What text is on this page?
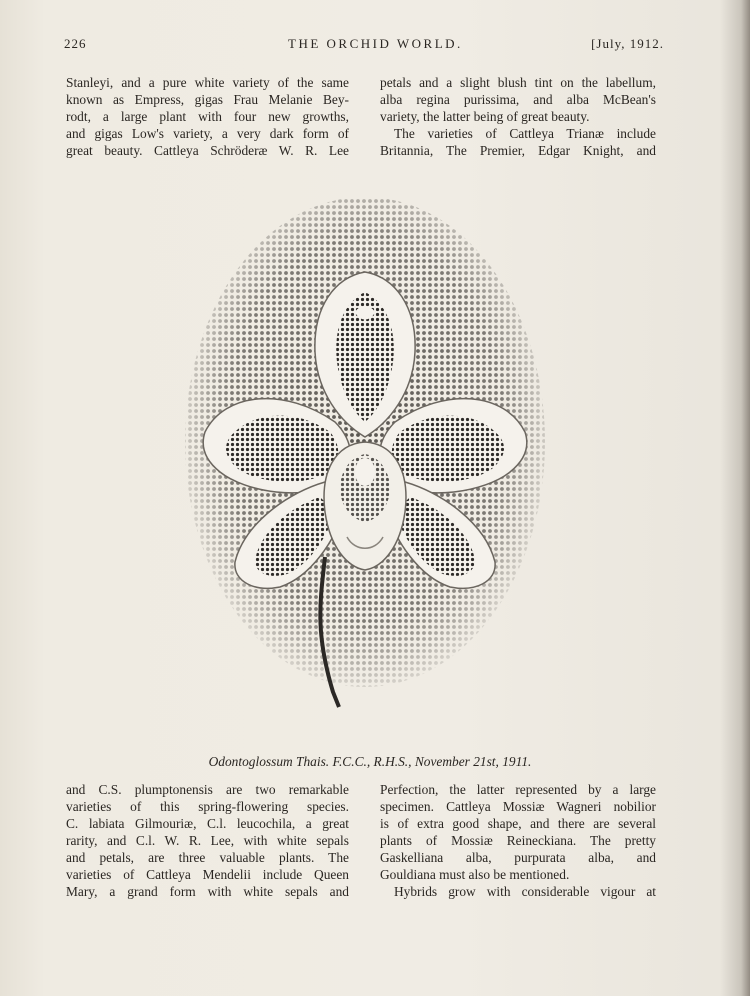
226	THE ORCHID WORLD.	[July, 1912.
Stanleyi, and a pure white variety of the same
known as Empress, gigas Frau Melanie Bey-
rodt, a large plant with four new growths,
and gigas Low's variety, a very dark form of
great beauty. Cattleya Schröderæ W. R. Lee
petals and a slight blush tint on the labellum,
alba regina purissima, and alba McBean's
variety, the latter being of great beauty.
The varieties of Cattleya Trianæ include
Britannia, The Premier, Edgar Knight, and
Odontoglossum Thais. F.C.C., R.H.S., November 21st, 1911.
and C.S. plumptonensis are two remarkable
varieties of this spring-flowering species.
C. labiata Gilmouriæ, C.l. leucochila, a great
rarity, and C.l. W. R. Lee, with white sepals
and petals, are three valuable plants. The
varieties of Cattleya Mendelii include Queen
Mary, a grand form with white sepals and
Perfection, the latter represented by a large
specimen. Cattleya Mossiæ Wagneri nobilior
is of extra good shape, and there are several
plants of Mossiæ Reineckiana. The pretty
Gaskelliana alba, purpurata alba, and
Gouldiana must also be mentioned.
Hybrids grow with considerable vigour at
